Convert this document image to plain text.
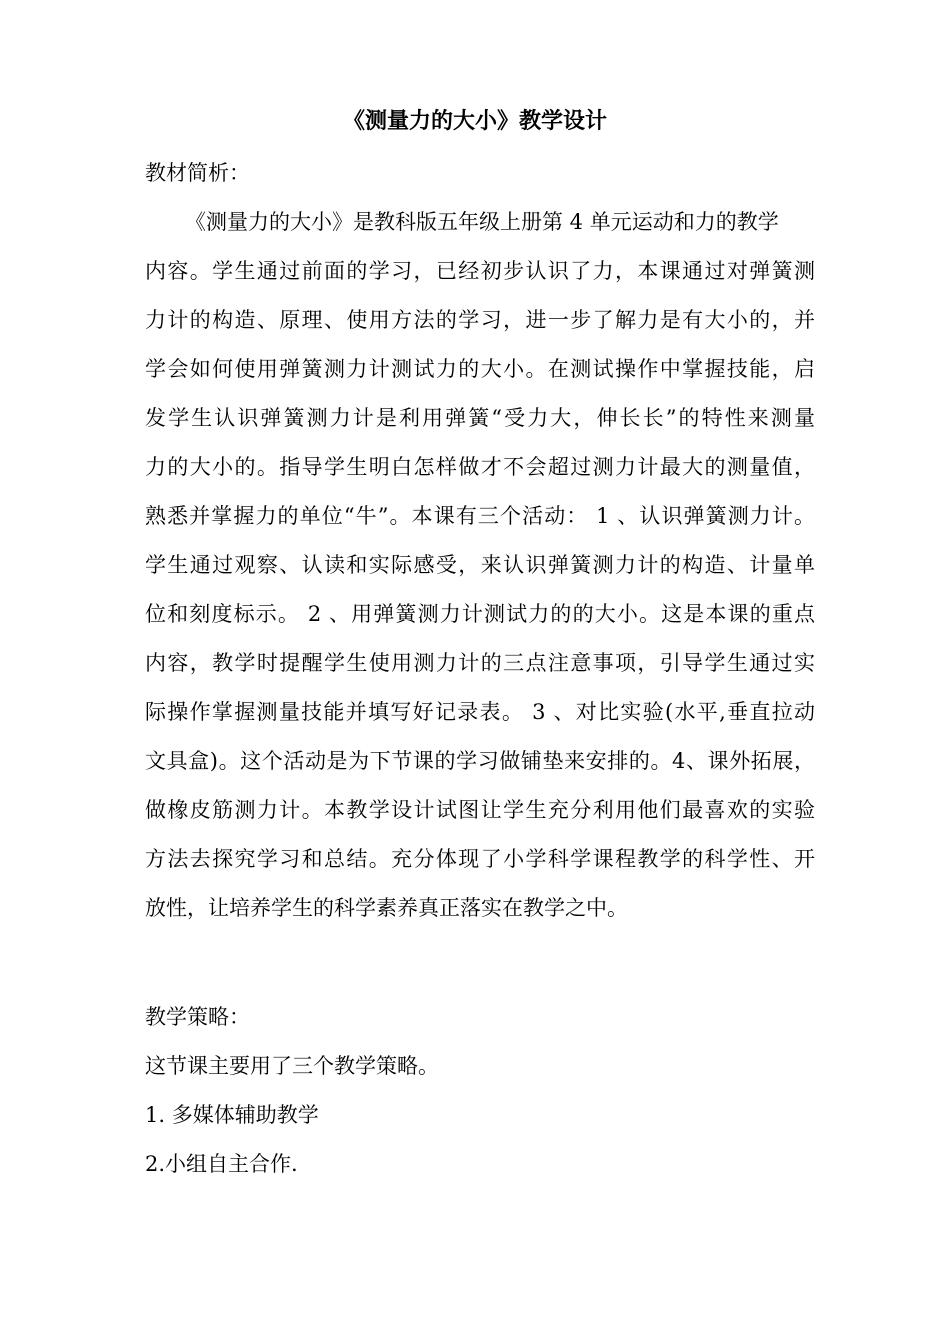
《测量力的大小》教学设计
教材简析：
《测量力的大小》是教科版五年级上册第 4 单元运动和力的教学
内容。学生通过前面的学习，已经初步认识了力，本课通过对弹簧测
力计的构造、原理、使用方法的学习，进一步了解力是有大小的，并
学会如何使用弹簧测力计测试力的大小。在测试操作中掌握技能，启
发学生认识弹簧测力计是利用弹簧“受力大，伸长长”的特性来测量
力的大小的。指导学生明白怎样做才不会超过测力计最大的测量值，
熟悉并掌握力的单位“牛”。本课有三个活动： 1 、认识弹簧测力计。
学生通过观察、认读和实际感受，来认识弹簧测力计的构造、计量单
位和刻度标示。 2 、用弹簧测力计测试力的的大小。这是本课的重点
内容，教学时提醒学生使用测力计的三点注意事项，引导学生通过实
际操作掌握测量技能并填写好记录表。 3 、对比实验(水平,垂直拉动
文具盒)。这个活动是为下节课的学习做铺垫来安排的。4、课外拓展，
做橡皮筋测力计。本教学设计试图让学生充分利用他们最喜欢的实验
方法去探究学习和总结。充分体现了小学科学课程教学的科学性、开
放性，让培养学生的科学素养真正落实在教学之中。
教学策略：
这节课主要用了三个教学策略。
1. 多媒体辅助教学
2.小组自主合作.
